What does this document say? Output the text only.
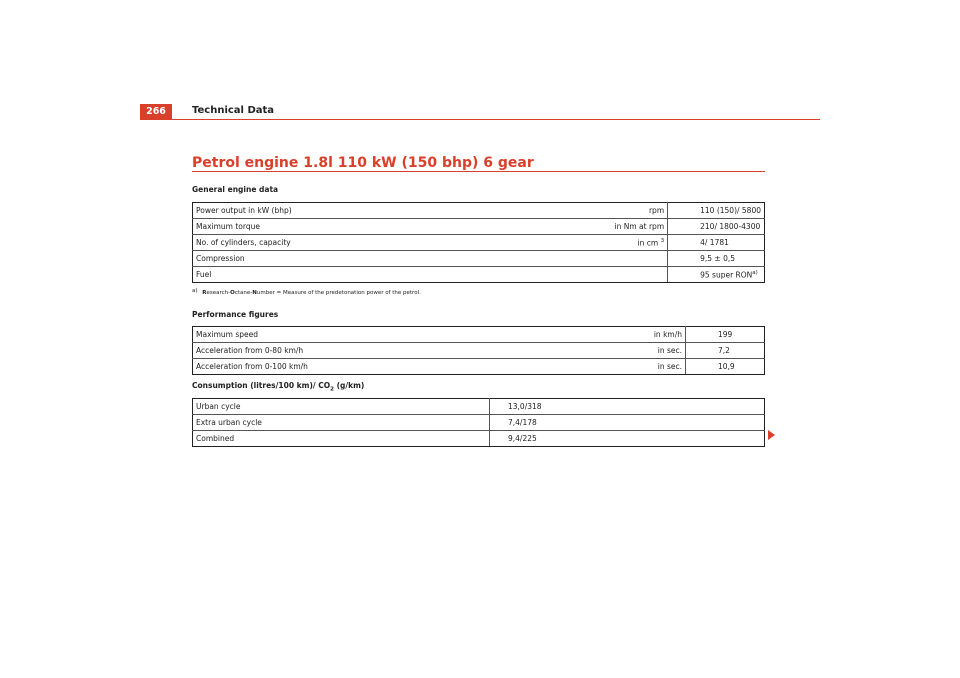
266	Technical Data
Petrol engine 1.8l 110 kW (150 bhp) 6 gear
General engine data
Power output in kW (bhp)	rpm	110 (150)/ 5800
Maximum torque	in Nm at rpm	210/ 1800-4300
No. of cylinders, capacity	in cm $^3$	4/ 1781
Compression		9,5 ± 0,5
Fuel		95 super RON$^{a)}$
a) Research-Octane-Number = Measure of the predetonation power of the petrol.
Performance figures
Maximum speed	in km/h	199
Acceleration from 0-80 km/h	in sec.	7,2
Acceleration from 0-100 km/h	in sec.	10,9
Consumption (litres/100 km)/ $CO_2$ (g/km)
Urban cycle	13,0/318
Extra urban cycle	7,4/178
Combined	9,4/225
